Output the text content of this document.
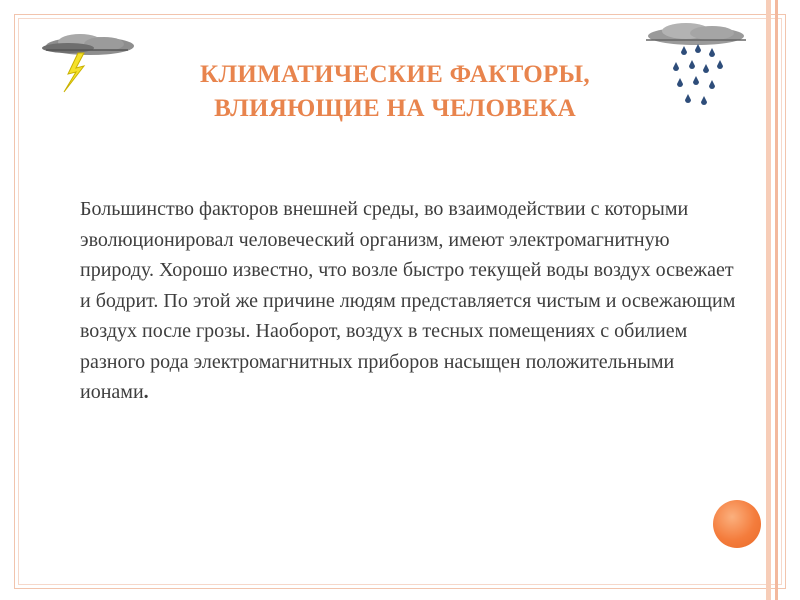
КЛИМАТИЧЕСКИЕ ФАКТОРЫ,
ВЛИЯЮЩИЕ НА ЧЕЛОВЕКА
Большинство факторов внешней среды, во взаимодействии с которыми эволюционировал человеческий организм, имеют электромагнитную природу. Хорошо известно, что возле быстро текущей воды воздух освежает и бодрит. По этой же причине людям представляется чистым и освежающим воздух после грозы. Наоборот, воздух в тесных помещениях с обилием разного рода электромагнитных приборов насыщен положительными ионами.
